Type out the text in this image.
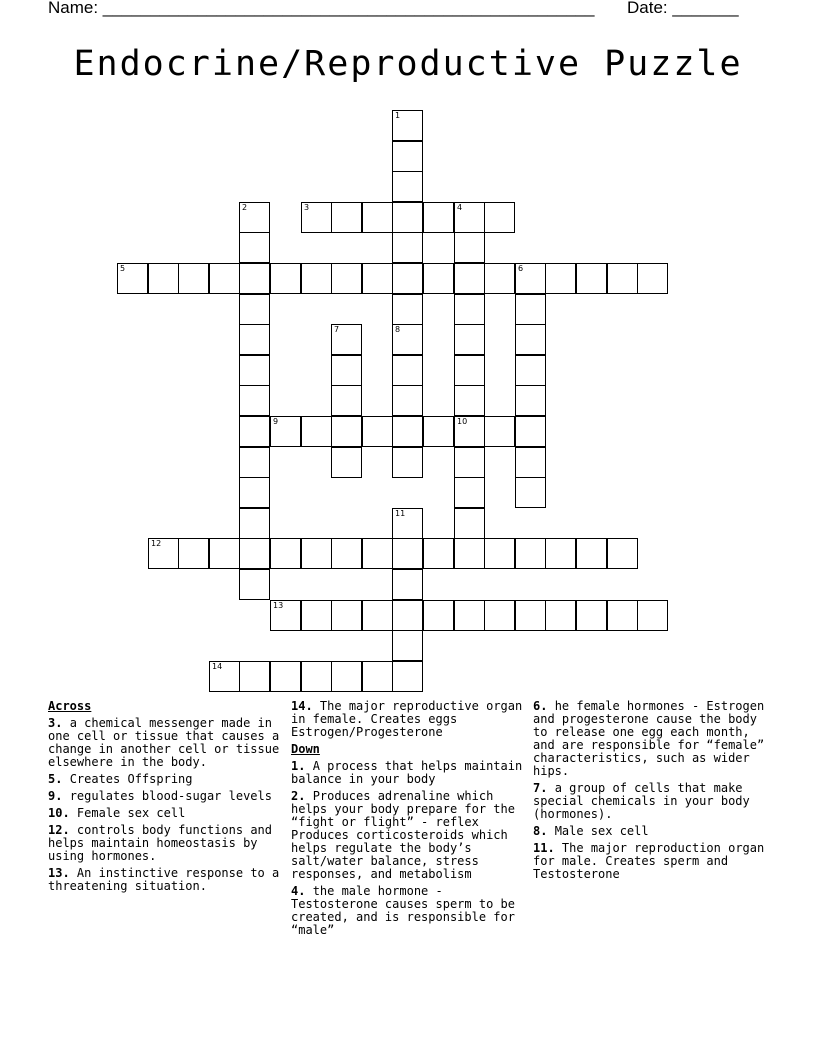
Name: ____________________________________________________ Date: _______
Endocrine/Reproductive Puzzle
1
8
2	3	4
10
5	6
7
9
11
12
13
14
Across
3. a chemical messenger made in one cell or tissue that causes a change in another cell or tissue elsewhere in the body.
5. Creates Offspring
9. regulates blood-sugar levels
10. Female sex cell
12. controls body functions and helps maintain homeostasis by using hormones.
13. An instinctive response to a threatening situation.
14. The major reproductive organ in female. Creates eggs Estrogen/Progesterone
Down
1. A process that helps maintain balance in your body
2. Produces adrenaline which helps your body prepare for the “fight or flight” - reflex Produces corticosteroids which helps regulate the body’s salt/water balance, stress responses, and metabolism
4. the male hormone - Testosterone causes sperm to be created, and is responsible for “male”
6. he female hormones - Estrogen and progesterone cause the body to release one egg each month, and are responsible for “female” characteristics, such as wider hips.
7. a group of cells that make special chemicals in your body (hormones).
8. Male sex cell
11. The major reproduction organ for male. Creates sperm and Testosterone
